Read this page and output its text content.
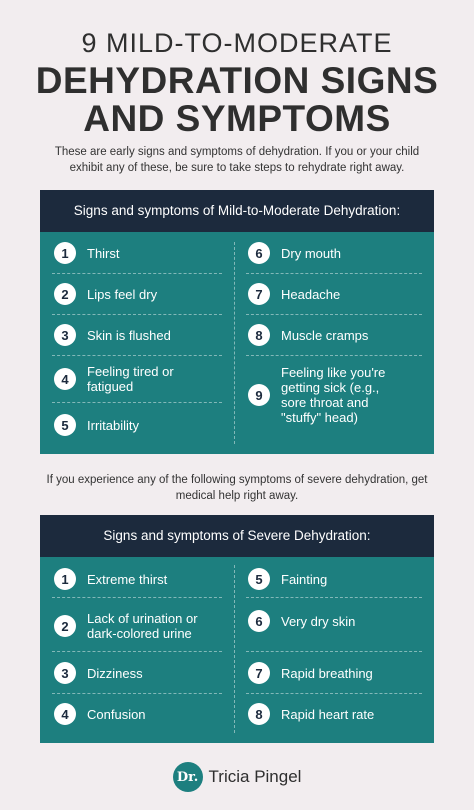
9 MILD-TO-MODERATE
DEHYDRATION SIGNS
AND SYMPTOMS
These are early signs and symptoms of dehydration. If you or your child
exhibit any of these, be sure to take steps to rehydrate right away.
Signs and symptoms of Mild-to-Moderate Dehydration:
1	Thirst
2	Lips feel dry
3	Skin is flushed
4	Feeling tired or
fatigued
5	Irritability
6	Dry mouth
7	Headache
8	Muscle cramps
9
Feeling like you're
getting sick (e.g.,
sore throat and
"stuffy" head)
If you experience any of the following symptoms of severe dehydration, get
medical help right away.
Signs and symptoms of Severe Dehydration:
1	Extreme thirst
2	Lack of urination or
dark-colored urine
3	Dizziness
4	Confusion
5	Fainting
6	Very dry skin
7	Rapid breathing
8	Rapid heart rate
Dr. Tricia Pingel
